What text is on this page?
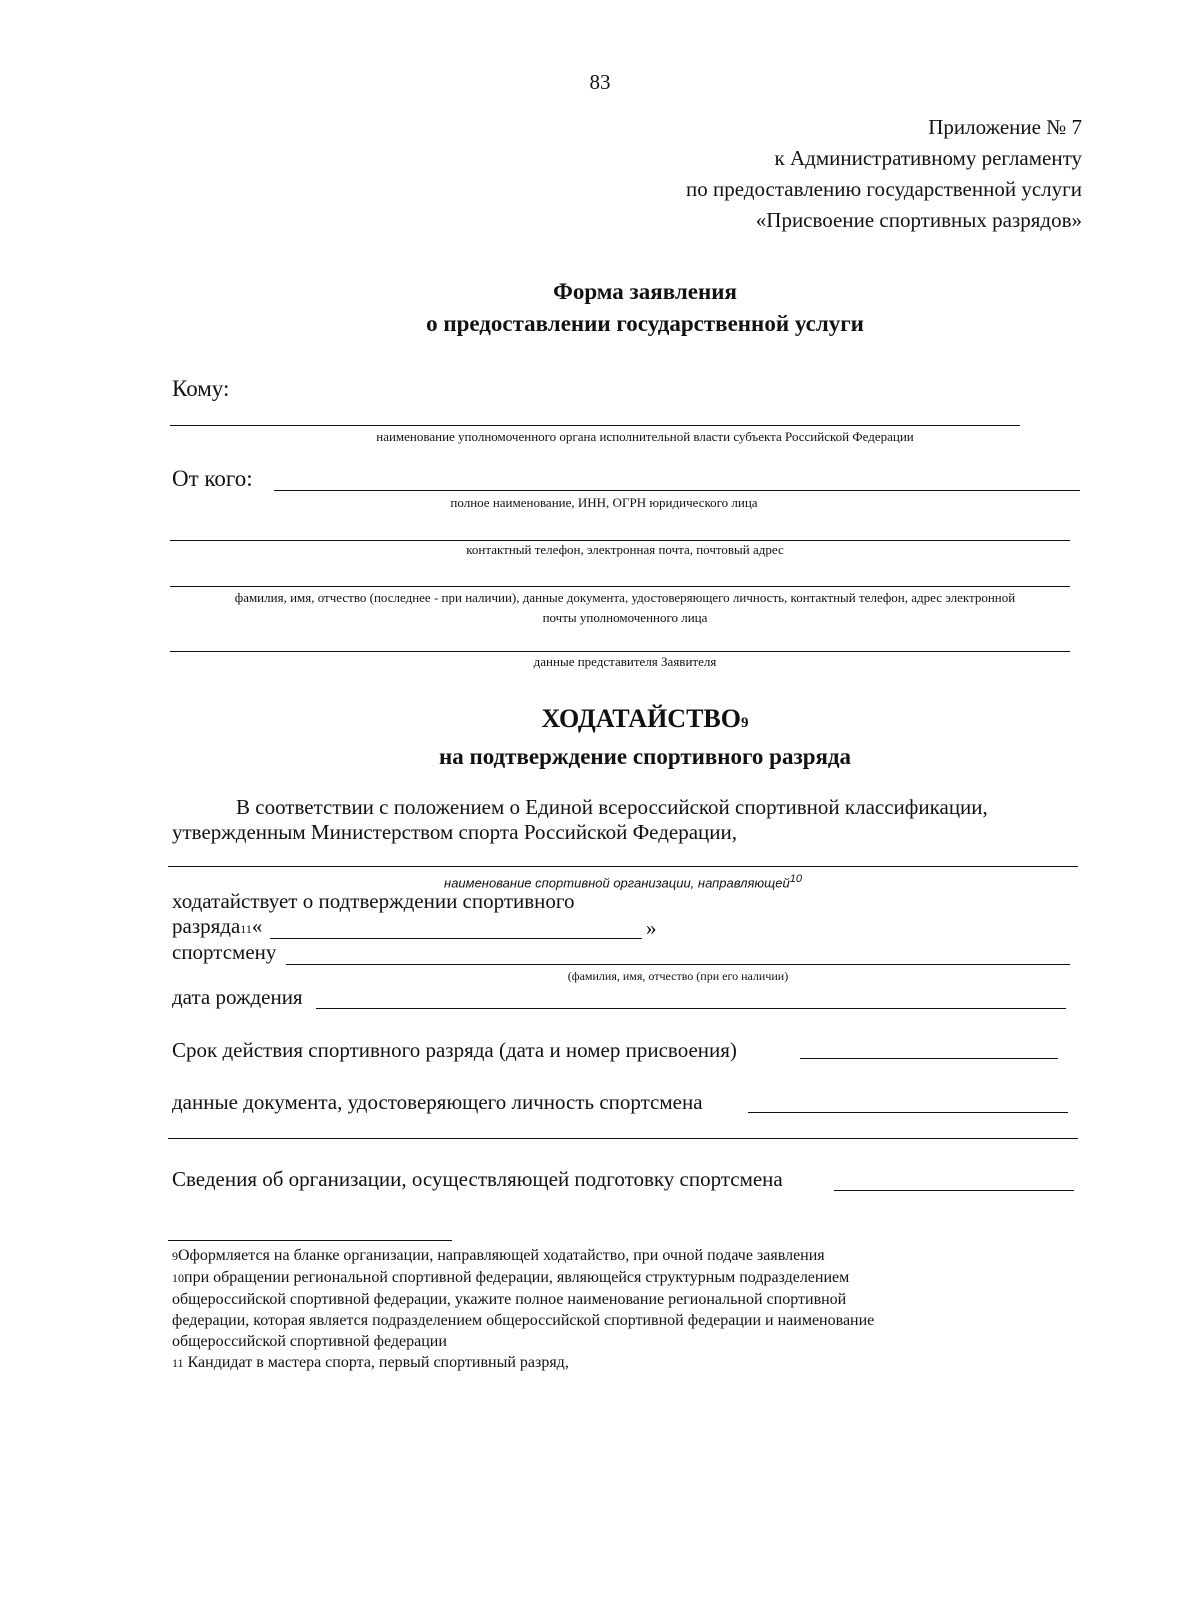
83
Приложение № 7
к Административному регламенту
по предоставлению государственной услуги
«Присвоение спортивных разрядов»
Форма заявления
о предоставлении государственной услуги
Кому:
наименование уполномоченного органа исполнительной власти субъекта Российской Федерации
От кого:
полное наименование, ИНН, ОГРН юридического лица
контактный телефон, электронная почта, почтовый адрес
фамилия, имя, отчество (последнее - при наличии), данные документа, удостоверяющего личность, контактный телефон, адрес электронной
почты уполномоченного лица
данные представителя Заявителя
ХОДАТАЙСТВО9
на подтверждение спортивного разряда
В соответствии с положением о Единой всероссийской спортивной классификации,
утвержденным Министерством спорта Российской Федерации,
наименование спортивной организации, направляющей$^{10}$
ходатайствует о подтверждении спортивного
разряда11«	»
спортсмену
(фамилия, имя, отчество (при его наличии)
дата рождения
Срок действия спортивного разряда (дата и номер присвоения)
данные документа, удостоверяющего личность спортсмена
Сведения об организации, осуществляющей подготовку спортсмена
9Оформляется на бланке организации, направляющей ходатайство, при очной подаче заявления
10при обращении региональной спортивной федерации, являющейся структурным подразделением
общероссийской спортивной федерации, укажите полное наименование региональной спортивной
федерации, которая является подразделением общероссийской спортивной федерации и наименование
общероссийской спортивной федерации
11 Кандидат в мастера спорта, первый спортивный разряд,
